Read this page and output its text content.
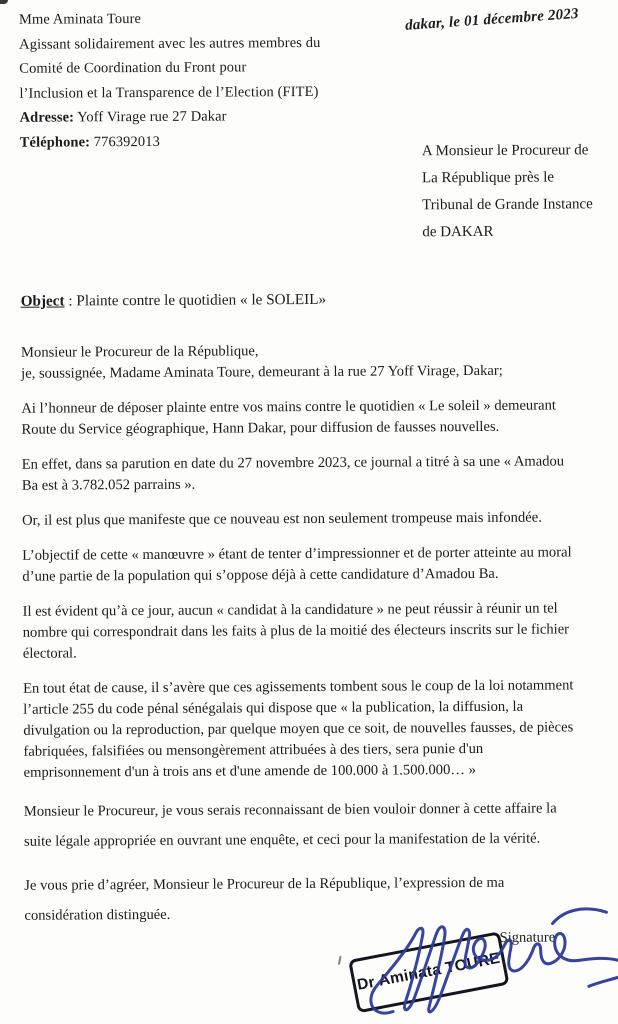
Mme Aminata Toure
Agissant solidairement avec les autres membres du
Comité de Coordination du Front pour
l’Inclusion et la Transparence de l’Election (FITE)
Adresse: Yoff Virage rue 27 Dakar
Téléphone: 776392013
dakar, le 01 décembre 2023
A Monsieur le Procureur de
La République près le
Tribunal de Grande Instance
de DAKAR
Object : Plainte contre le quotidien « le SOLEIL»

Monsieur le Procureur de la République,
je, soussignée, Madame Aminata Toure, demeurant à la rue 27 Yoff Virage, Dakar;

Ai l’honneur de déposer plainte entre vos mains contre le quotidien « Le soleil » demeurant
Route du Service géographique, Hann Dakar, pour diffusion de fausses nouvelles.

En effet, dans sa parution en date du 27 novembre 2023, ce journal a titré à sa une « Amadou
Ba est à 3.782.052 parrains ».

Or, il est plus que manifeste que ce nouveau est non seulement trompeuse mais infondée.

L’objectif de cette « manœuvre » étant de tenter d’impressionner et de porter atteinte au moral
d’une partie de la population qui s’oppose déjà à cette candidature d’Amadou Ba.

Il est évident qu’à ce jour, aucun « candidat à la candidature » ne peut réussir à réunir un tel
nombre qui correspondrait dans les faits à plus de la moitié des électeurs inscrits sur le fichier
électoral.

En tout état de cause, il s’avère que ces agissements tombent sous le coup de la loi notamment
l’article 255 du code pénal sénégalais qui dispose que « la publication, la diffusion, la
divulgation ou la reproduction, par quelque moyen que ce soit, de nouvelles fausses, de pièces
fabriquées, falsifiées ou mensongèrement attribuées à des tiers, sera punie d'un
emprisonnement d'un à trois ans et d'une amende de 100.000 à 1.500.000… »

Monsieur le Procureur, je vous serais reconnaissant de bien vouloir donner à cette affaire la
suite légale appropriée en ouvrant une enquête, et ceci pour la manifestation de la vérité.

Je vous prie d’agréer, Monsieur le Procureur de la République, l’expression de ma
considération distinguée.

Signature
Dr Aminata TOURE
